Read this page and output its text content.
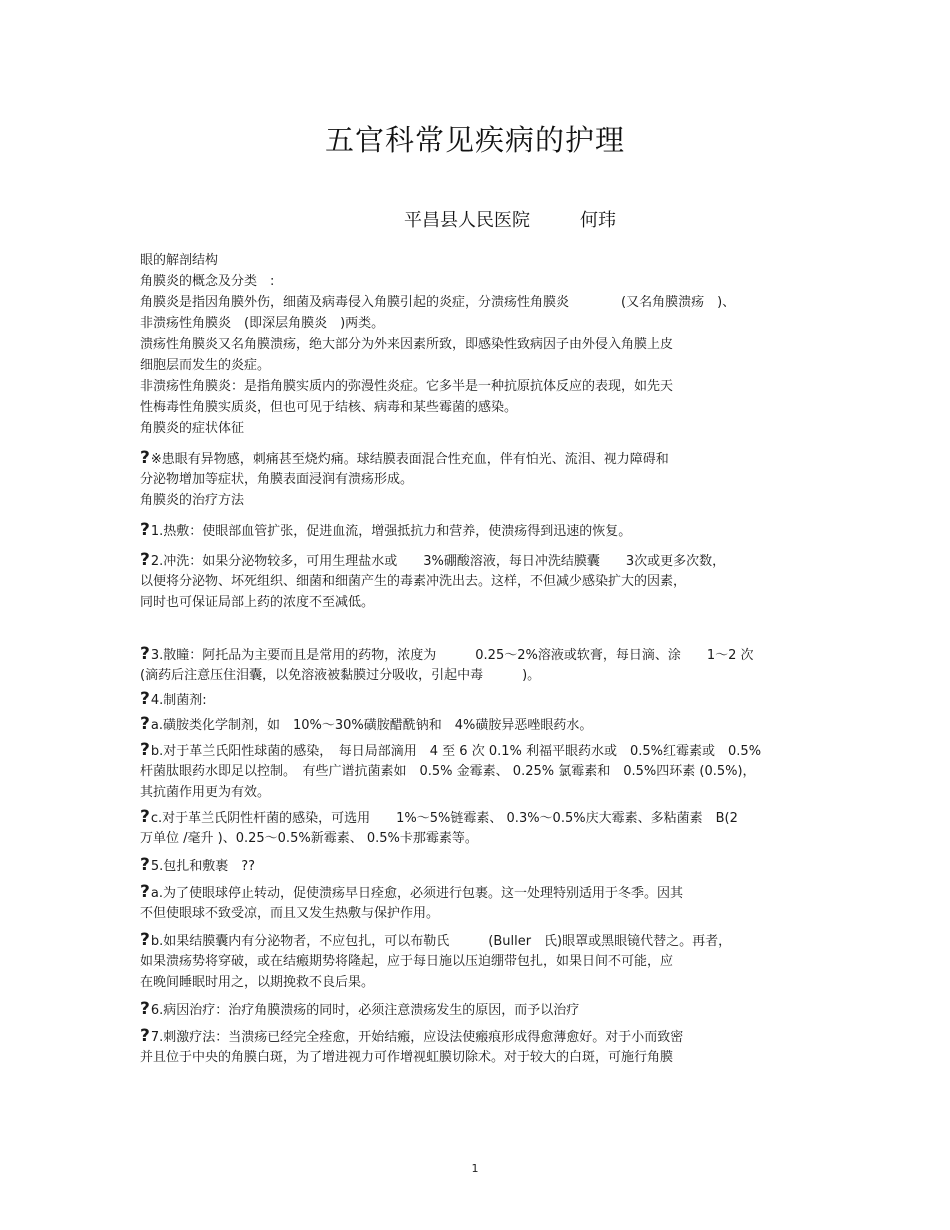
五官科常见疾病的护理
平昌县人民医院	何玮
眼的解剖结构
角膜炎的概念及分类　:
角膜炎是指因角膜外伤，细菌及病毒侵入角膜引起的炎症，分溃疡性角膜炎　　　　(又名角膜溃疡　)、
非溃疡性角膜炎　(即深层角膜炎　)两类。
溃疡性角膜炎又名角膜溃疡，绝大部分为外来因素所致，即感染性致病因子由外侵入角膜上皮
细胞层而发生的炎症。
非溃疡性角膜炎：是指角膜实质内的弥漫性炎症。它多半是一种抗原抗体反应的表现，如先天
性梅毒性角膜实质炎，但也可见于结核、病毒和某些霉菌的感染。
角膜炎的症状体征
?※患眼有异物感，刺痛甚至烧灼痛。球结膜表面混合性充血，伴有怕光、流泪、视力障碍和
分泌物增加等症状，角膜表面浸润有溃疡形成。
角膜炎的治疗方法
?1.热敷：使眼部血管扩张，促进血流，增强抵抗力和营养，使溃疡得到迅速的恢复。
?2.冲洗：如果分泌物较多，可用生理盐水或　　3%硼酸溶液，每日冲洗结膜囊　　3次或更多次数，
以便将分泌物、坏死组织、细菌和细菌产生的毒素冲洗出去。这样，不但减少感染扩大的因素，
同时也可保证局部上药的浓度不至减低。
?3.散瞳：阿托品为主要而且是常用的药物，浓度为　　　0.25～2%溶液或软膏，每日滴、涂　　1～2 次
(滴药后注意压住泪囊，以免溶液被黏膜过分吸收，引起中毒　　　)。
?4.制菌剂:
?a.磺胺类化学制剂，如　10%～30%磺胺醋酰钠和　4%磺胺异恶唑眼药水。
?b.对于革兰氏阳性球菌的感染，　每日局部滴用　4 至 6 次 0.1% 利福平眼药水或　0.5%红霉素或　0.5%
杆菌肽眼药水即足以控制。　有些广谱抗菌素如　0.5% 金霉素、 0.25% 氯霉素和　0.5%四环素 (0.5%)，
其抗菌作用更为有效。
?c.对于革兰氏阴性杆菌的感染，可选用　　1%～5%链霉素、 0.3%～0.5%庆大霉素、多粘菌素　B(2
万单位 /毫升 )、0.25～0.5%新霉素、 0.5%卡那霉素等。
?5.包扎和敷裹　??
?a.为了使眼球停止转动，促使溃疡早日痊愈，必须进行包裹。这一处理特别适用于冬季。因其
不但使眼球不致受凉，而且又发生热敷与保护作用。
?b.如果结膜囊内有分泌物者，不应包扎，可以布勒氏　　　(Buller　氏)眼罩或黑眼镜代替之。再者，
如果溃疡势将穿破，或在结瘢期势将隆起，应于每日施以压迫绷带包扎，如果日间不可能，应
在晚间睡眠时用之，以期挽救不良后果。
?6.病因治疗：治疗角膜溃疡的同时，必须注意溃疡发生的原因，而予以治疗
?7.刺激疗法：当溃疡已经完全痊愈，开始结瘢，应设法使瘢痕形成得愈薄愈好。对于小而致密
并且位于中央的角膜白斑，为了增进视力可作增视虹膜切除术。对于较大的白斑，可施行角膜
1
